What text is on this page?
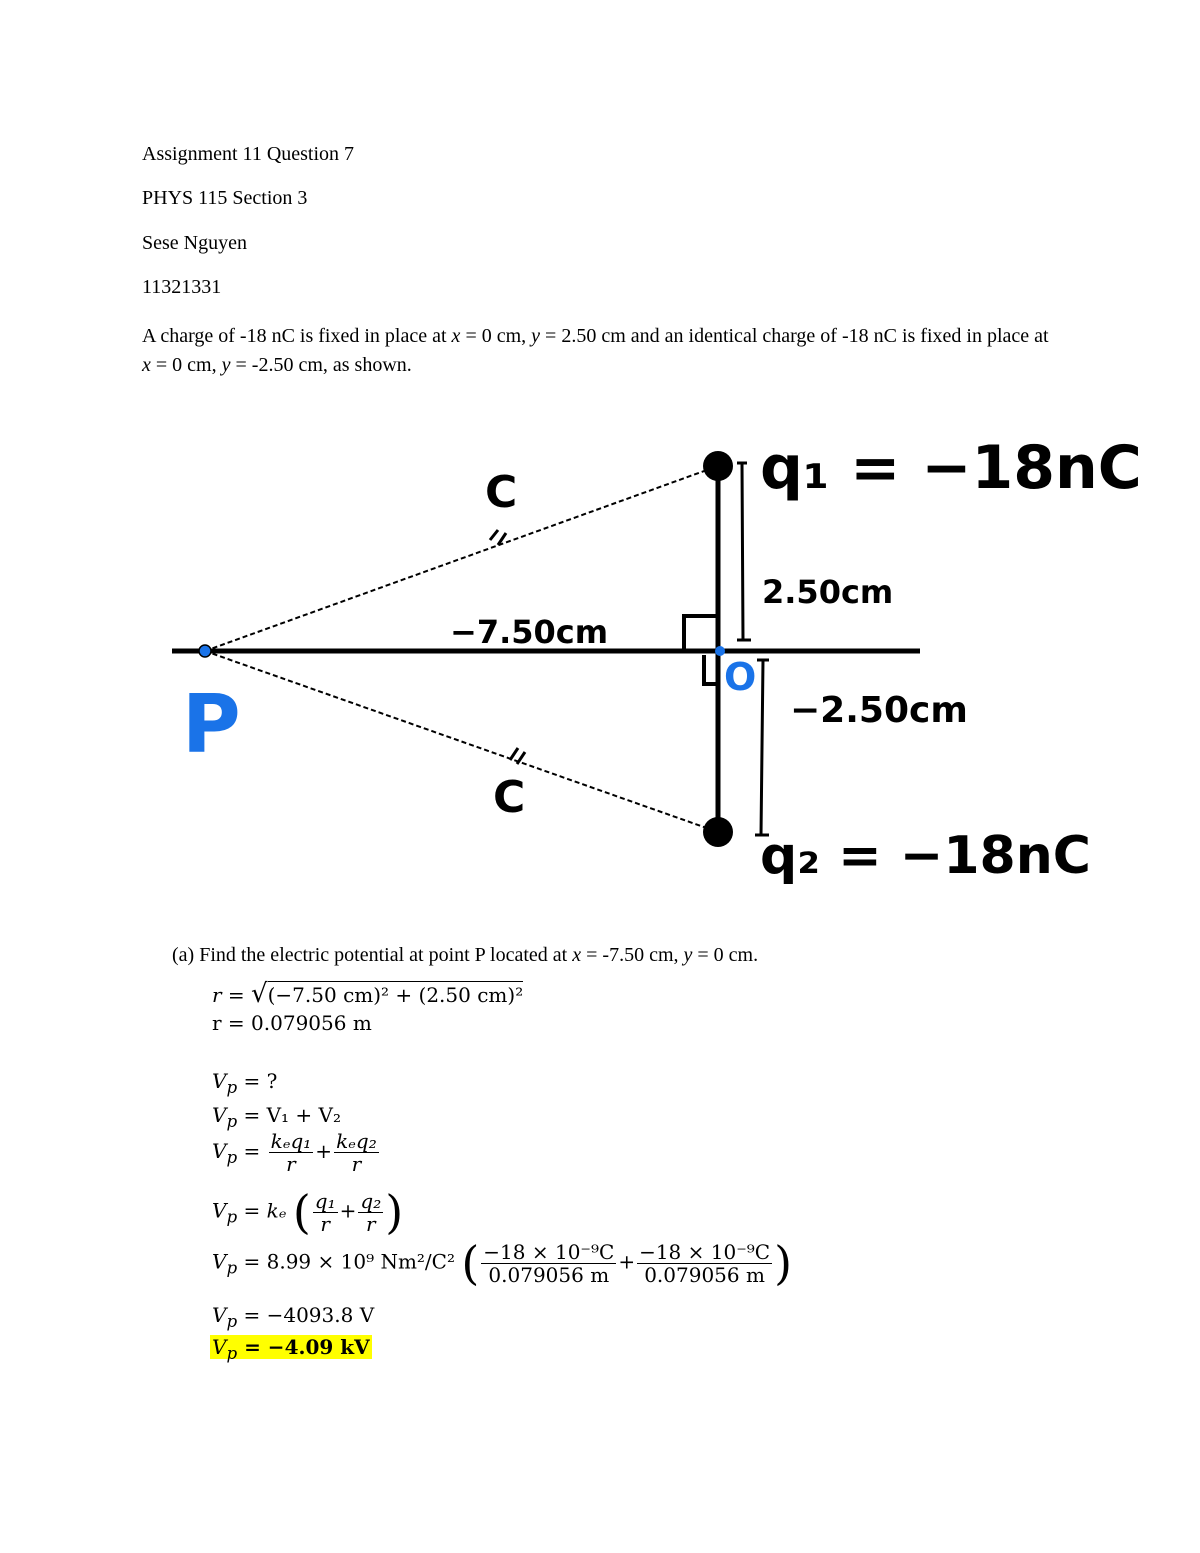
Assignment 11 Question 7
PHYS 115 Section 3
Sese Nguyen
11321331
A charge of -18 nC is fixed in place at x = 0 cm, y = 2.50 cm and an identical charge of -18 nC is fixed in place at x = 0 cm, y = -2.50 cm, as shown.
q₁ = −18nC
q₂ = −18nC
2.50cm
−2.50cm
−7.50cm
P
O
C
C
(a) Find the electric potential at point P located at x = -7.50 cm, y = 0 cm.
r = √(−7.50 cm)² + (2.50 cm)²
r = 0.079056 m
$V_p$ = ?
$V_p = V_1 + V_2$
$V_p = \frac{\text{kₑq₁}}{r} + \frac{\text{kₑq₂}}{r}$
$V_p = k_e$ ( $\frac{\text{q₁}}{r} + \frac{\text{q₂}}{r}$ )
$V_p = 8.99 \times 10^9$ Nm²/C² ( $\frac{\text{−18 × 10⁻⁹C}}{0.079056 m} + \frac{\text{−18 × 10⁻⁹C}}{0.079056 m}$ )
$V_p = -4093.8$ V
$V_p = -4.09$ kV
